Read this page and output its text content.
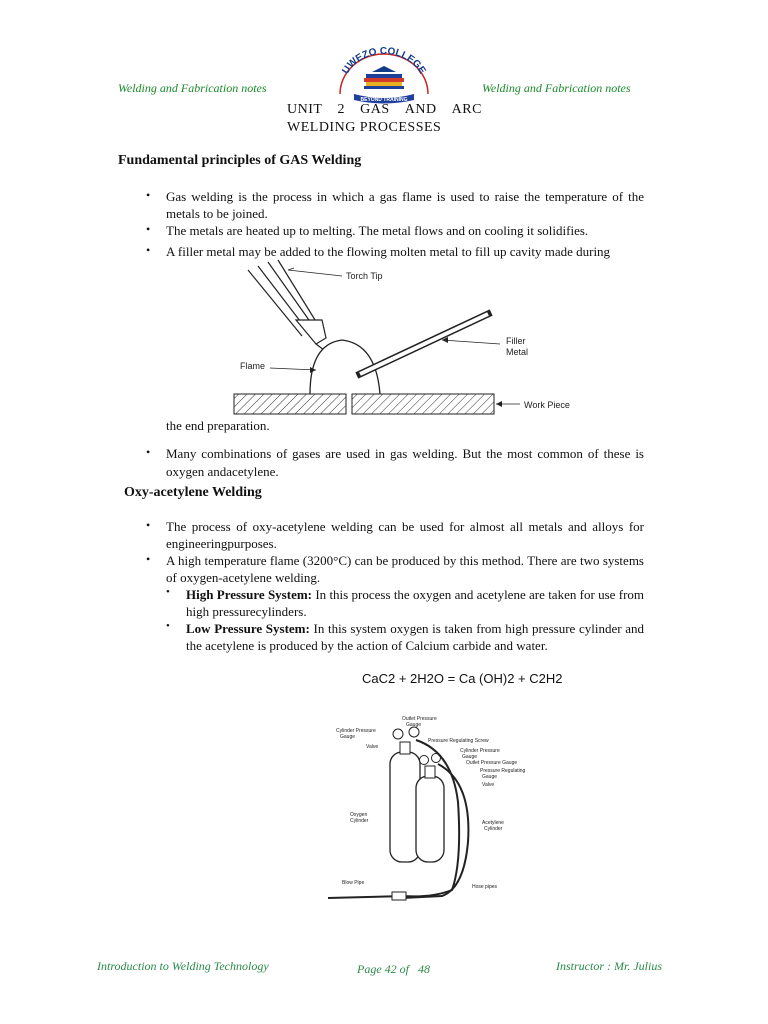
Welding and Fabrication notes	Welding and Fabrication notes
UWEZO COLLEGE
BEYOND TRAINING
UNIT 2 GAS AND ARC
WELDING PROCESSES
Fundamental principles of GAS Welding
• Gas welding is the process in which a gas flame is used to raise the temperature of the metals to be joined.
• The metals are heated up to melting. The metal flows and on cooling it solidifies.
• A filler metal may be added to the flowing molten metal to fill up cavity made during
Torch Tip
Filler
Metal
Flame
Work Piece
the end preparation.
• Many combinations of gases are used in gas welding. But the most common of these is oxygen andacetylene.
Oxy-acetylene Welding
• The process of oxy-acetylene welding can be used for almost all metals and alloys for engineeringpurposes.
• A high temperature flame (3200°C) can be produced by this method. There are two systems of oxygen-acetylene welding.
• High Pressure System: In this process the oxygen and acetylene are taken for use from high pressurecylinders.
• Low Pressure System: In this system oxygen is taken from high pressure cylinder and the acetylene is produced by the action of Calcium carbide and water.
CaC2 + 2H2O = Ca (OH)2 + C2H2
Outlet Pressure
Gauge
Cylinder Pressure
Gauge
Pressure Regulating Screw
Valve
Cylinder Pressure
Gauge
Outlet Pressure Gauge
Pressure Regulating
Gauge
Valve
Oxygen
Cylinder	Acetylene
Cylinder
Blow Pipe
Hose pipes
Introduction to Welding Technology	Page 42 of   48	Instructor : Mr. Julius
